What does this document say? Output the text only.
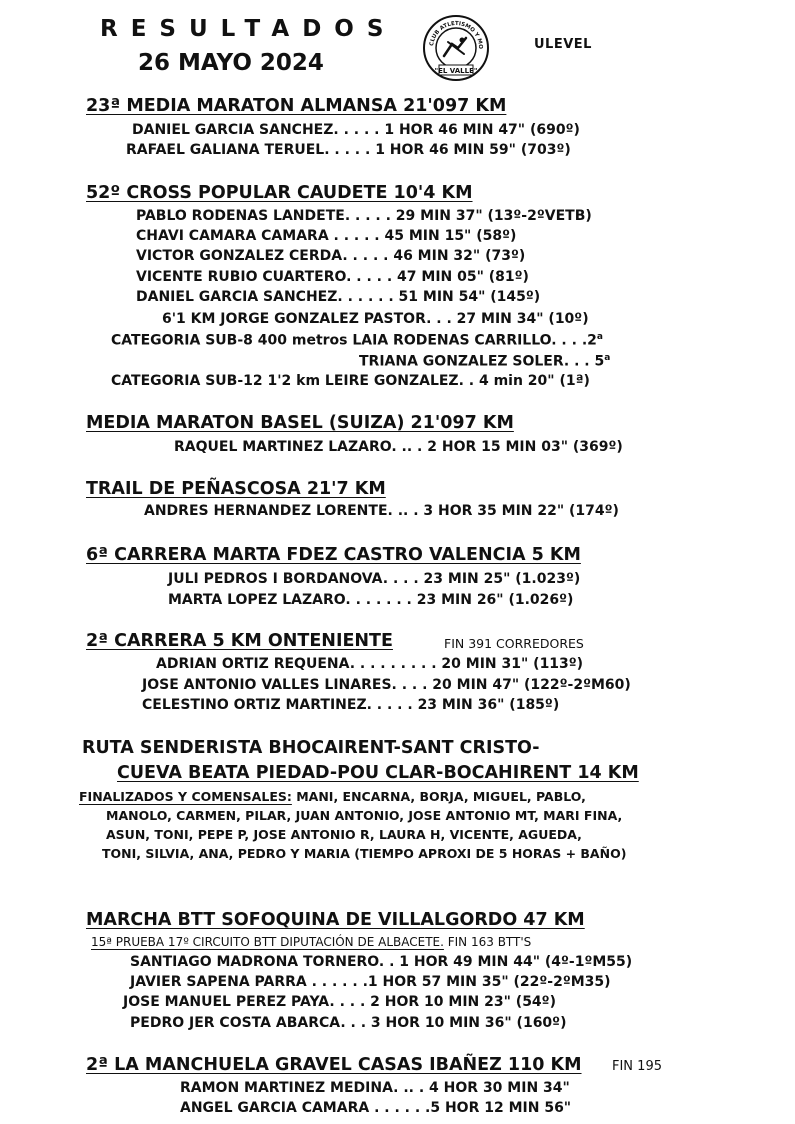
RESULTADOS
26 MAYO 2024
CLUB ATLETISMO Y MO
"EL VALLE"
ULEVEL
23ª MEDIA MARATON ALMANSA 21'097 KM
DANIEL GARCIA SANCHEZ. . . . . 1 HOR 46 MIN 47" (690º)
RAFAEL GALIANA TERUEL. . . . . 1 HOR 46 MIN 59" (703º)
52º CROSS POPULAR CAUDETE 10'4 KM
PABLO RODENAS LANDETE. . . . . 29 MIN 37" (13º-2ºVETB)
CHAVI CAMARA CAMARA . . . . . 45 MIN 15" (58º)
VICTOR GONZALEZ CERDA. . . . . 46 MIN 32" (73º)
VICENTE RUBIO CUARTERO. . . . . 47 MIN 05" (81º)
DANIEL GARCIA SANCHEZ. . . . . . 51 MIN 54" (145º)
6'1 KM JORGE GONZALEZ PASTOR. . . 27 MIN 34" (10º)
CATEGORIA SUB-8 400 metros LAIA RODENAS CARRILLO. . . .2$^a$
TRIANA GONZALEZ SOLER. . . 5$^a$
CATEGORIA SUB-12 1'2 km LEIRE GONZALEZ. . 4 min 20" (1ª)
MEDIA MARATON BASEL (SUIZA) 21'097 KM
RAQUEL MARTINEZ LAZARO. .. . 2 HOR 15 MIN 03" (369º)
TRAIL DE PEÑASCOSA 21'7 KM
ANDRES HERNANDEZ LORENTE. .. . 3 HOR 35 MIN 22" (174º)
6ª CARRERA MARTA FDEZ CASTRO VALENCIA 5 KM
JULI PEDROS I BORDANOVA. . . . 23 MIN 25" (1.023º)
MARTA LOPEZ LAZARO. . . . . . . 23 MIN 26" (1.026º)
2ª CARRERA 5 KM ONTENIENTE	FIN 391 CORREDORES
ADRIAN ORTIZ REQUENA. . . . . . . . . 20 MIN 31" (113º)
JOSE ANTONIO VALLES LINARES. . . . 20 MIN 47" (122º-2ºM60)
CELESTINO ORTIZ MARTINEZ. . . . . 23 MIN 36" (185º)
RUTA SENDERISTA BHOCAIRENT-SANT CRISTO-
CUEVA BEATA PIEDAD-POU CLAR-BOCAHIRENT 14 KM
FINALIZADOS Y COMENSALES: MANI, ENCARNA, BORJA, MIGUEL, PABLO,
MANOLO, CARMEN, PILAR, JUAN ANTONIO, JOSE ANTONIO MT, MARI FINA,
ASUN, TONI, PEPE P, JOSE ANTONIO R, LAURA H, VICENTE, AGUEDA,
TONI, SILVIA, ANA, PEDRO Y MARIA (TIEMPO APROXI DE 5 HORAS + BAÑO)
MARCHA BTT SOFOQUINA DE VILLALGORDO 47 KM
15ª PRUEBA 17º CIRCUITO BTT DIPUTACIÓN DE ALBACETE. FIN 163 BTT'S
SANTIAGO MADRONA TORNERO. . 1 HOR 49 MIN 44" (4º-1ºM55)
JAVIER SAPENA PARRA . . . . . .1 HOR 57 MIN 35" (22º-2ºM35)
JOSE MANUEL PEREZ PAYA. . . . 2 HOR 10 MIN 23" (54º)
PEDRO JER COSTA ABARCA. . . 3 HOR 10 MIN 36" (160º)
2ª LA MANCHUELA GRAVEL CASAS IBAÑEZ 110 KM FIN 195
RAMON MARTINEZ MEDINA. .. . 4 HOR 30 MIN 34"
ANGEL GARCIA CAMARA . . . . . .5 HOR 12 MIN 56"
